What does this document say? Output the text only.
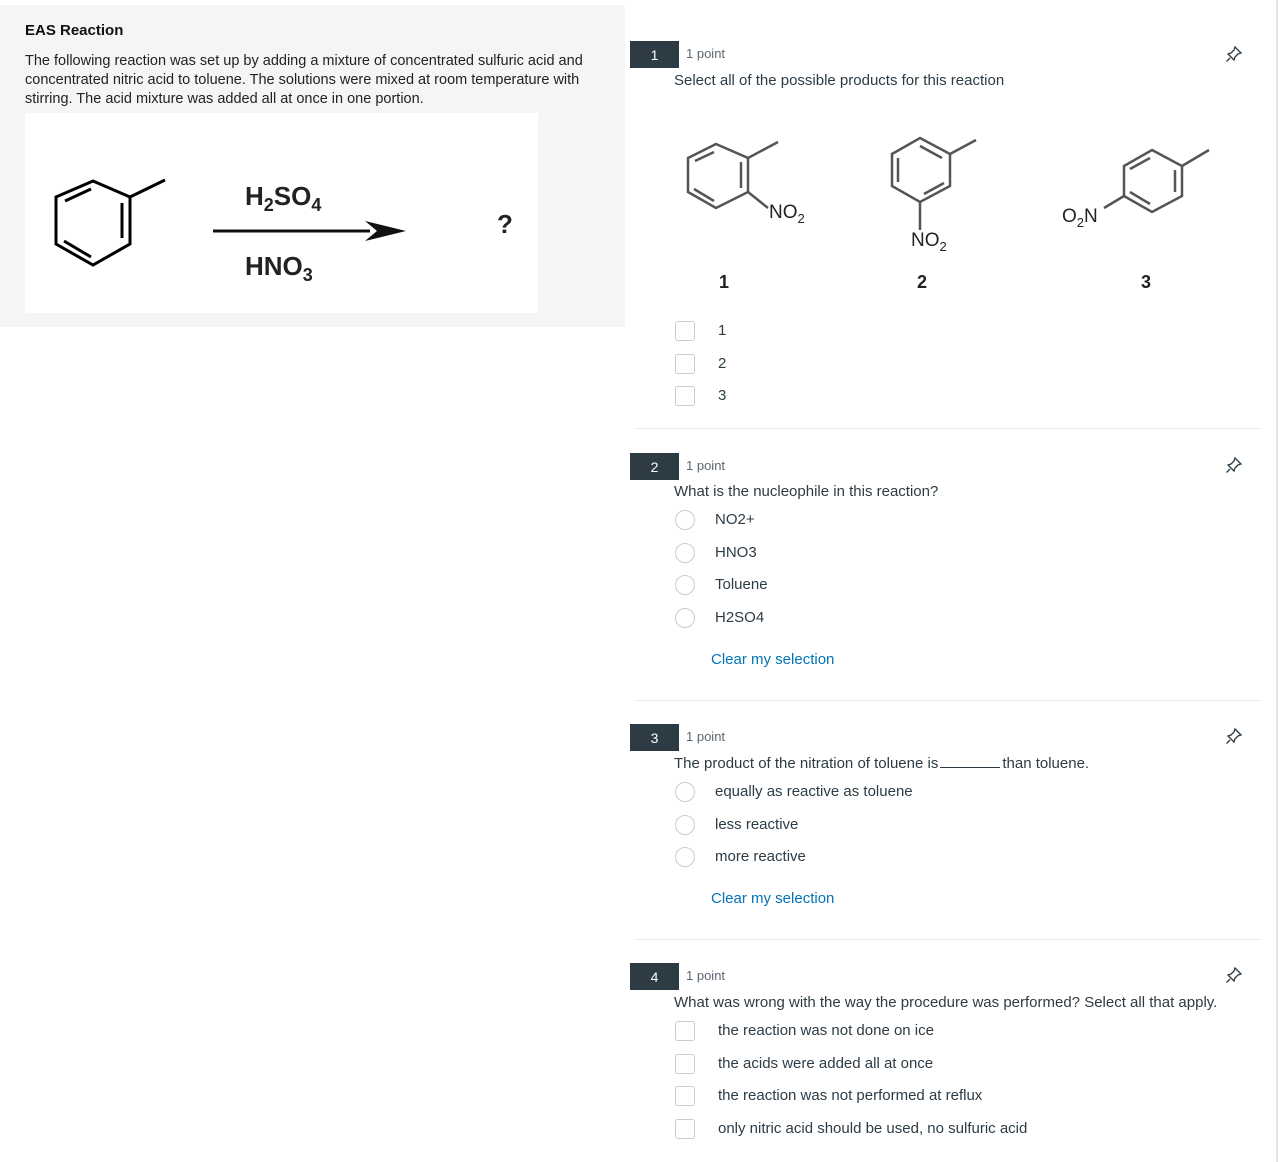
EAS Reaction
The following reaction was set up by adding a mixture of concentrated sulfuric acid and concentrated nitric acid to toluene. The solutions were mixed at room temperature with stirring. The acid mixture was added all at once in one portion.
$H_2SO_4$
$HNO_3$
?
1	1 point
Select all of the possible products for this reaction
$NO_2$
$NO_2$
$O_2N$
1	2	3
1
2
3
2	1 point
What is the nucleophile in this reaction?
NO2+
HNO3
Toluene
H2SO4
Clear my selection
3	1 point
The product of the nitration of toluene is	than toluene.
equally as reactive as toluene
less reactive
more reactive
Clear my selection
4	1 point
What was wrong with the way the procedure was performed? Select all that apply.
the reaction was not done on ice
the acids were added all at once
the reaction was not performed at reflux
only nitric acid should be used, no sulfuric acid
